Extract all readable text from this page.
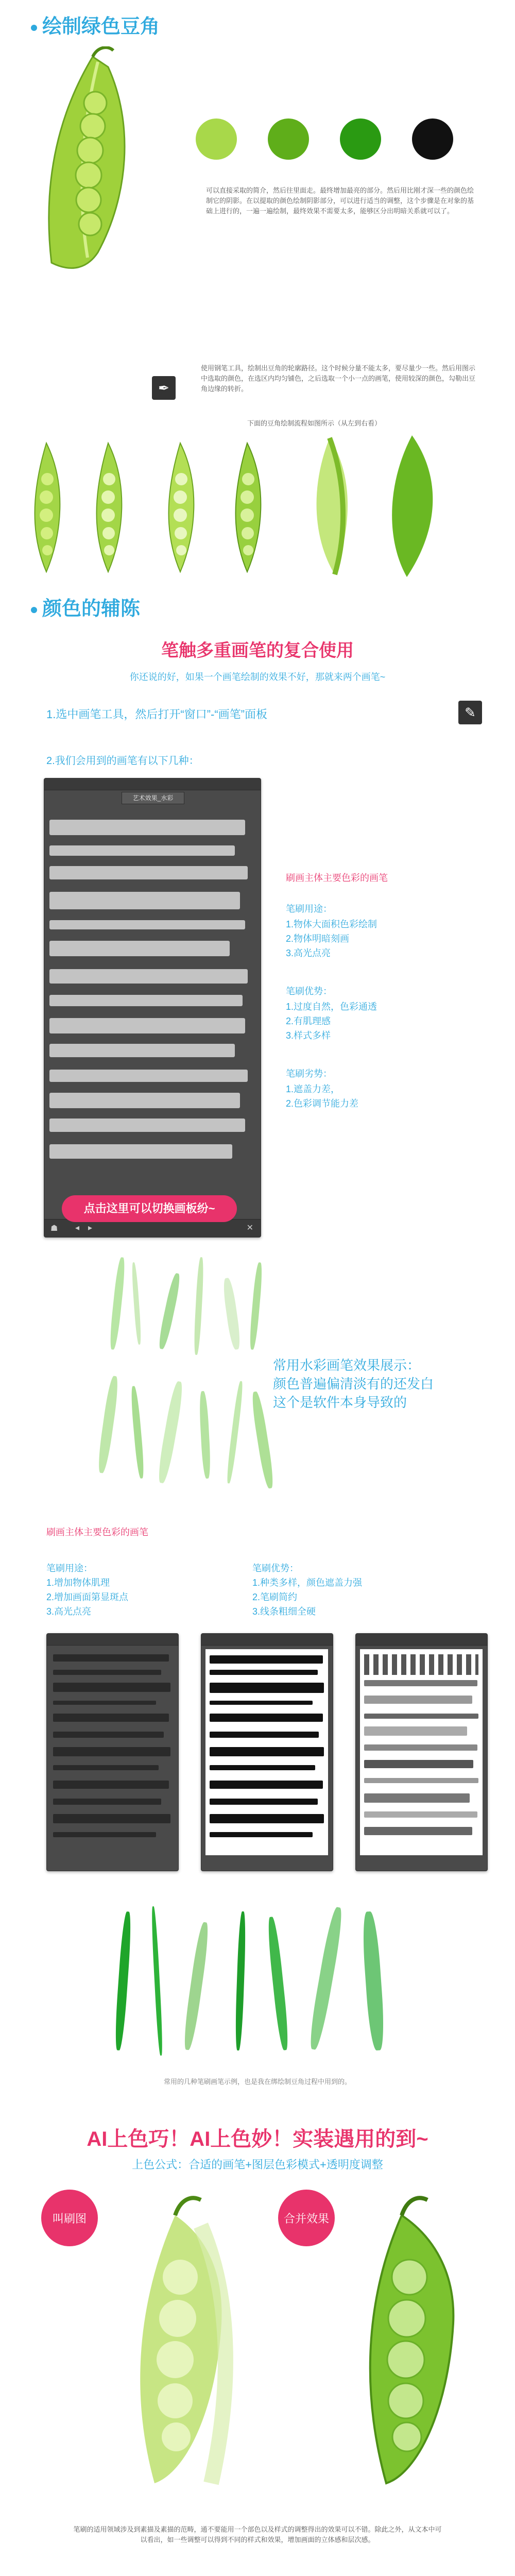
绘制绿色豆角
可以直接采取的简介，然后往里面走。最终增加最亮的部分。然后用比刚才深一些的颜色绘制它的阴影。在以提取的颜色绘制阴影部分，可以进行适当的调整，这个步骤是在对象的基础上进行的，一遍一遍绘制，最终效果不需要太多，能够区分出明暗关系就可以了。
✒
使用钢笔工具，绘制出豆角的轮廓路径。这个时候分量不能太多，要尽量少一些。然后用图示中选取的颜色，在选区内均匀铺色，之后选取一个小一点的画笔，使用较深的颜色，勾勒出豆角边缘的转折。
下面的豆角绘制流程如图所示（从左到右看）
颜色的辅陈
笔触多重画笔的复合使用
你还说的好，如果一个画笔绘制的效果不好，那就来两个画笔~
1.选中画笔工具，然后打开“窗口”-“画笔”面板	✎
2.我们会用到的画笔有以下几种：
艺术效果_水彩
☗ ◂ ▸	✕
点击这里可以切换画板纷~
刷画主体主要色彩的画笔
笔刷用途：
1.物体大面积色彩绘制
2.物体明暗刻画
3.高光点亮
笔刷优势：
1.过度自然，色彩通透
2.有肌理感
3.样式多样
笔刷劣势：
1.遮盖力差，
2.色彩调节能力差
常用水彩画笔效果展示：
颜色普遍偏清淡有的还发白
这个是软件本身导致的
刷画主体主要色彩的画笔
笔刷用途：
1.增加物体肌理
2.增加画面第显斑点
3.高光点亮
笔刷优势：
1.种类多样，颜色遮盖力强
2.笔刷简约
3.线条粗细全硬
常用的几种笔刷画笔示例，也是我在绑绘制豆角过程中用到的。
AI上色巧！AI上色妙！实装遇用的到~
上色公式：合适的画笔+图层色彩模式+透明度调整
叫刷图	合并效果
笔刷的适用领域涉及到素描及素描的范畴，通不要能用一个部色以及样式的调整得出的效果可以不错。除此之外，从文本中可以看出，如一些调整可以得到不同的样式和效果，增加画面的立体感和层次感。
